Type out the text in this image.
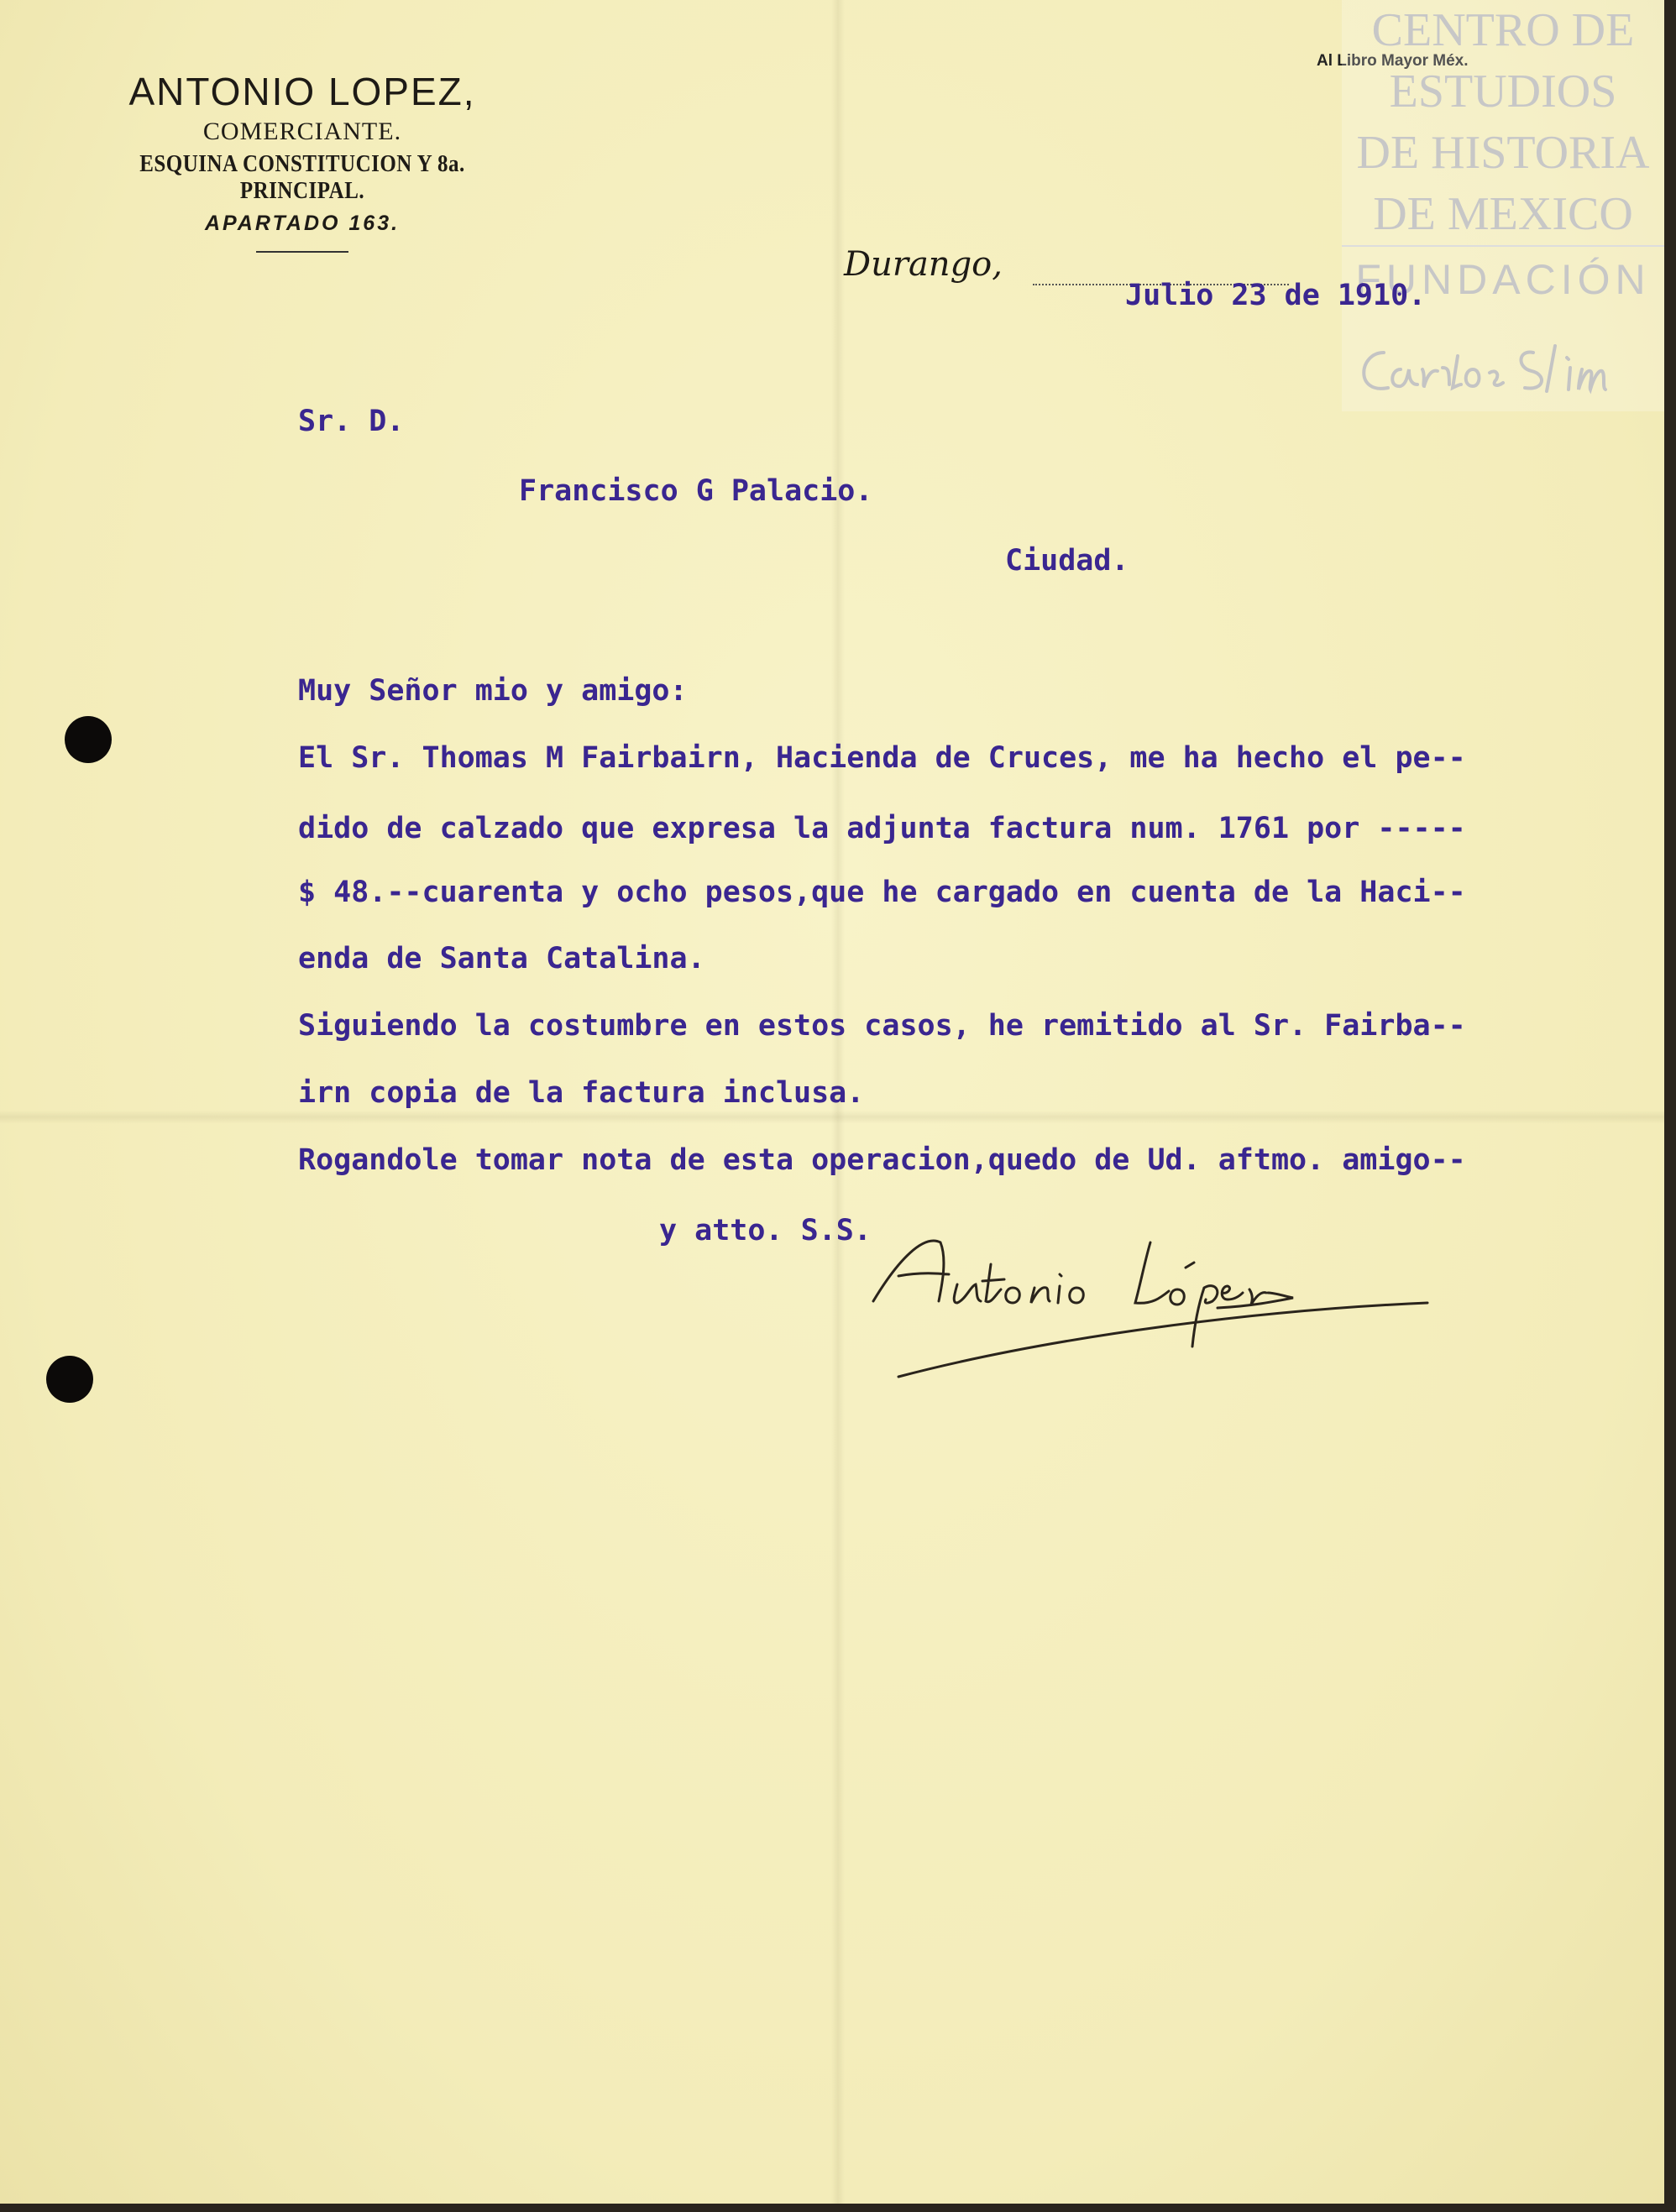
ANTONIO LOPEZ,
COMERCIANTE.
ESQUINA CONSTITUCION Y 8a. PRINCIPAL.
APARTADO 163.
Al Libro Mayor Méx.
CENTRO DE
ESTUDIOS
DE HISTORIA
DE MEXICO
FUNDACIÓN
Durango,
Julio 23 de 1910.
Sr. D.
Francisco G Palacio.
Ciudad.
Muy Señor mio y amigo:
El Sr. Thomas M Fairbairn, Hacienda de Cruces, me ha hecho el pe--
dido de calzado que expresa la adjunta factura num. 1761 por -----
$ 48.--cuarenta y ocho pesos,que he cargado en cuenta de la Haci--
enda de Santa Catalina.
Siguiendo la costumbre en estos casos, he remitido al Sr. Fairba--
irn copia de la factura inclusa.
Rogandole tomar nota de esta operacion,quedo de Ud. aftmo. amigo--
y atto. S.S.
